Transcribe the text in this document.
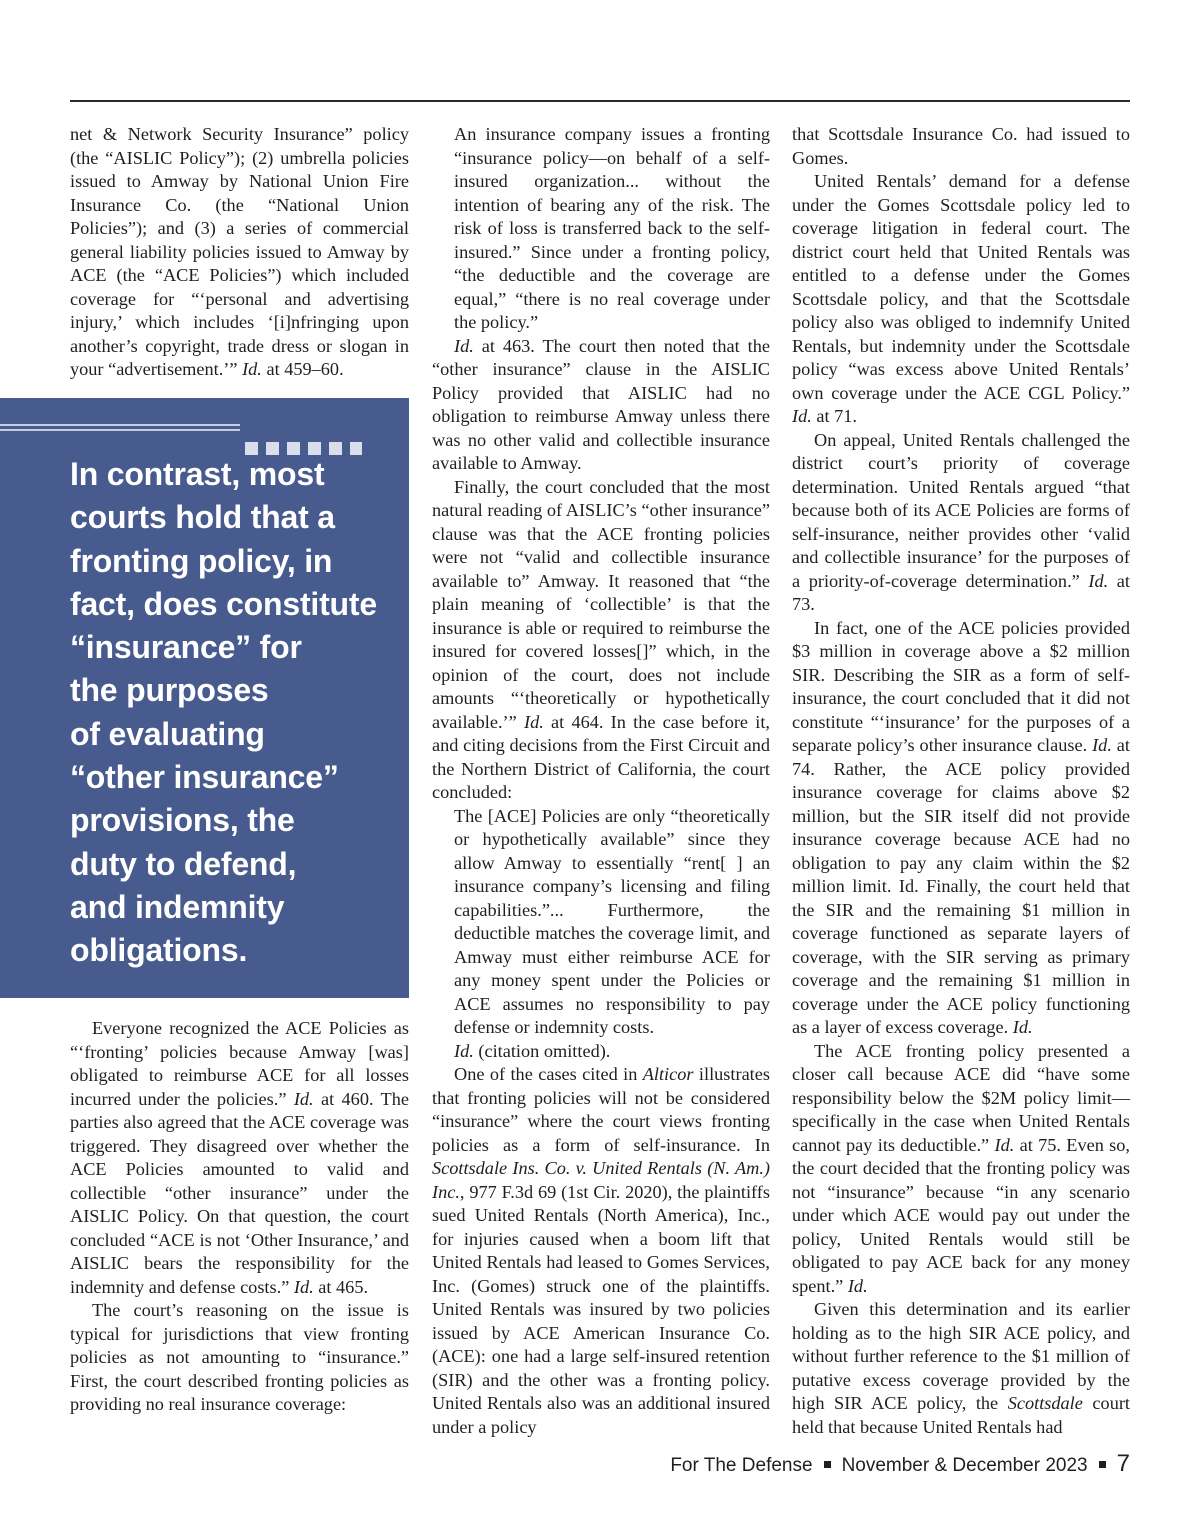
net & Network Security Insurance” policy (the “AISLIC Policy”); (2) umbrella policies issued to Amway by National Union Fire Insurance Co. (the “National Union Policies”); and (3) a series of commercial general liability policies issued to Amway by ACE (the “ACE Policies”) which included coverage for “‘personal and advertising injury,’ which includes ‘[i]nfringing upon another’s copyright, trade dress or slogan in your “advertisement.’” Id. at 459–60.

In contrast, most
courts hold that a
fronting policy, in
fact, does constitute
“insurance” for
the purposes
of evaluating
“other insurance”
provisions, the
duty to defend,
and indemnity
obligations.

Everyone recognized the ACE Policies as “‘fronting’ policies because Amway [was] obligated to reimburse ACE for all losses incurred under the policies.” Id. at 460. The parties also agreed that the ACE coverage was triggered. They disagreed over whether the ACE Policies amounted to valid and collectible “other insurance” under the AISLIC Policy. On that question, the court concluded “ACE is not ‘Other Insurance,’ and AISLIC bears the responsibility for the indemnity and defense costs.” Id. at 465.

The court’s reasoning on the issue is typical for jurisdictions that view fronting policies as not amounting to “insurance.” First, the court described fronting policies as providing no real insurance coverage:

An insurance company issues a fronting “insurance policy—on behalf of a self-insured organization... without the intention of bearing any of the risk. The risk of loss is transferred back to the self-insured.” Since under a fronting policy, “the deductible and the coverage are equal,” “there is no real coverage under the policy.”

Id. at 463. The court then noted that the “other insurance” clause in the AISLIC Policy provided that AISLIC had no obligation to reimburse Amway unless there was no other valid and collectible insurance available to Amway.

Finally, the court concluded that the most natural reading of AISLIC’s “other insurance” clause was that the ACE fronting policies were not “valid and collectible insurance available to” Amway. It reasoned that “the plain meaning of ‘collectible’ is that the insurance is able or required to reimburse the insured for covered losses[]” which, in the opinion of the court, does not include amounts “‘theoretically or hypothetically available.’” Id. at 464. In the case before it, and citing decisions from the First Circuit and the Northern District of California, the court concluded:

The [ACE] Policies are only “theoretically or hypothetically available” since they allow Amway to essentially “rent[ ] an insurance company’s licensing and filing capabilities.”... Furthermore, the deductible matches the coverage limit, and Amway must either reimburse ACE for any money spent under the Policies or ACE assumes no responsibility to pay defense or indemnity costs.

Id. (citation omitted).

One of the cases cited in Alticor illustrates that fronting policies will not be considered “insurance” where the court views fronting policies as a form of self-insurance. In Scottsdale Ins. Co. v. United Rentals (N. Am.) Inc., 977 F.3d 69 (1st Cir. 2020), the plaintiffs sued United Rentals (North America), Inc., for injuries caused when a boom lift that United Rentals had leased to Gomes Services, Inc. (Gomes) struck one of the plaintiffs. United Rentals was insured by two policies issued by ACE American Insurance Co. (ACE): one had a large self-insured retention (SIR) and the other was a fronting policy. United Rentals also was an additional insured under a policy

that Scottsdale Insurance Co. had issued to Gomes.

United Rentals’ demand for a defense under the Gomes Scottsdale policy led to coverage litigation in federal court. The district court held that United Rentals was entitled to a defense under the Gomes Scottsdale policy, and that the Scottsdale policy also was obliged to indemnify United Rentals, but indemnity under the Scottsdale policy “was excess above United Rentals’ own coverage under the ACE CGL Policy.” Id. at 71.

On appeal, United Rentals challenged the district court’s priority of coverage determination. United Rentals argued “that because both of its ACE Policies are forms of self-insurance, neither provides other ‘valid and collectible insurance’ for the purposes of a priority-of-coverage determination.” Id. at 73.

In fact, one of the ACE policies provided $3 million in coverage above a $2 million SIR. Describing the SIR as a form of self-insurance, the court concluded that it did not constitute “‘insurance’ for the purposes of a separate policy’s other insurance clause. Id. at 74. Rather, the ACE policy provided insurance coverage for claims above $2 million, but the SIR itself did not provide insurance coverage because ACE had no obligation to pay any claim within the $2 million limit. Id. Finally, the court held that the SIR and the remaining $1 million in coverage functioned as separate layers of coverage, with the SIR serving as primary coverage and the remaining $1 million in coverage under the ACE policy functioning as a layer of excess coverage. Id.

The ACE fronting policy presented a closer call because ACE did “have some responsibility below the $2M policy limit—specifically in the case when United Rentals cannot pay its deductible.” Id. at 75. Even so, the court decided that the fronting policy was not “insurance” because “in any scenario under which ACE would pay out under the policy, United Rentals would still be obligated to pay ACE back for any money spent.” Id.

Given this determination and its earlier holding as to the high SIR ACE policy, and without further reference to the $1 million of putative excess coverage provided by the high SIR ACE policy, the Scottsdale court held that because United Rentals had

For The Defense November & December 2023 7
